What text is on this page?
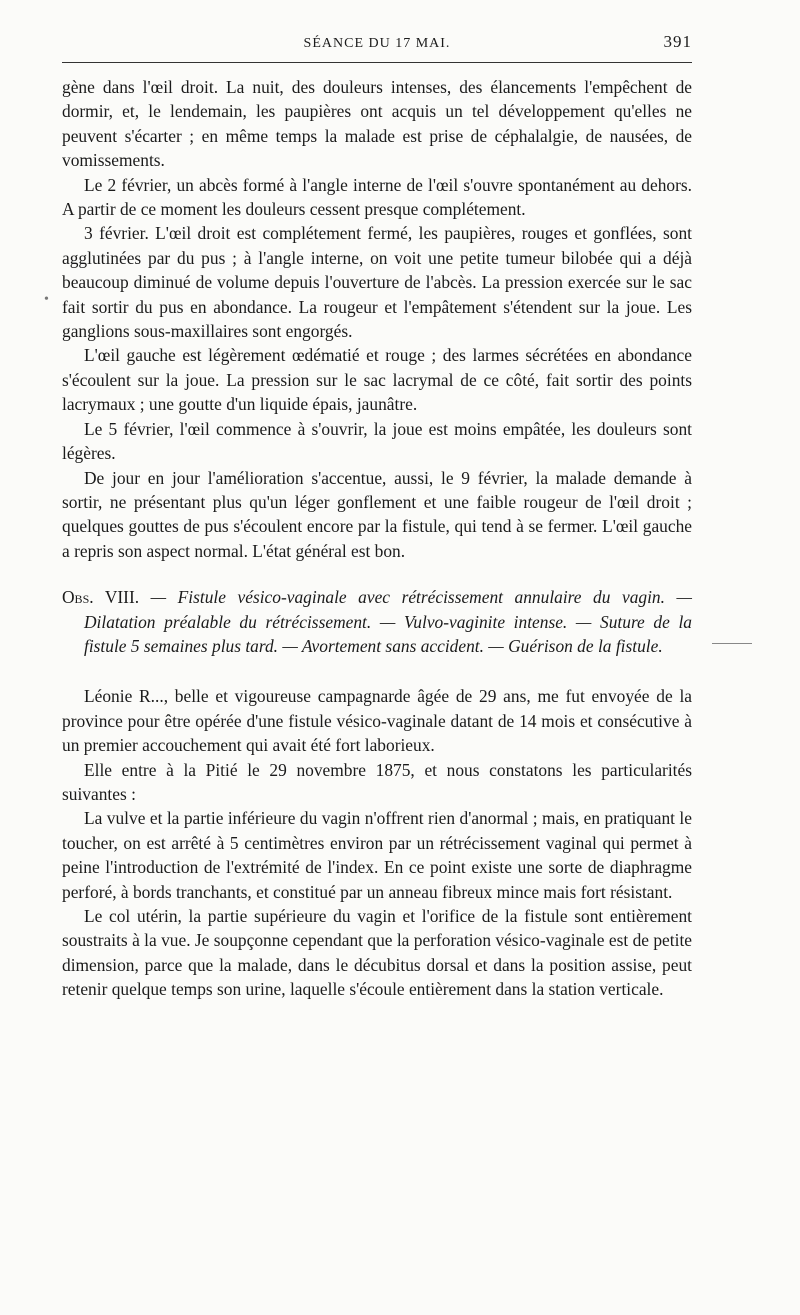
•
SÉANCE DU 17 MAI.	391

gène dans l'œil droit. La nuit, des douleurs intenses, des élancements l'empêchent de dormir, et, le lendemain, les paupières ont acquis un tel développement qu'elles ne peuvent s'écarter ; en même temps la malade est prise de céphalalgie, de nausées, de vomissements.

Le 2 février, un abcès formé à l'angle interne de l'œil s'ouvre spontanément au dehors. A partir de ce moment les douleurs cessent presque complétement.

3 février. L'œil droit est complétement fermé, les paupières, rouges et gonflées, sont agglutinées par du pus ; à l'angle interne, on voit une petite tumeur bilobée qui a déjà beaucoup diminué de volume depuis l'ouverture de l'abcès. La pression exercée sur le sac fait sortir du pus en abondance. La rougeur et l'empâtement s'étendent sur la joue. Les ganglions sous-maxillaires sont engorgés.

L'œil gauche est légèrement œdématié et rouge ; des larmes sécrétées en abondance s'écoulent sur la joue. La pression sur le sac lacrymal de ce côté, fait sortir des points lacrymaux ; une goutte d'un liquide épais, jaunâtre.

Le 5 février, l'œil commence à s'ouvrir, la joue est moins empâtée, les douleurs sont légères.

De jour en jour l'amélioration s'accentue, aussi, le 9 février, la malade demande à sortir, ne présentant plus qu'un léger gonflement et une faible rougeur de l'œil droit ; quelques gouttes de pus s'écoulent encore par la fistule, qui tend à se fermer. L'œil gauche a repris son aspect normal. L'état général est bon.

Obs. VIII. — Fistule vésico-vaginale avec rétrécissement annulaire du vagin. — Dilatation préalable du rétrécissement. — Vulvo-vaginite intense. — Suture de la fistule 5 semaines plus tard. — Avortement sans accident. — Guérison de la fistule.

Léonie R..., belle et vigoureuse campagnarde âgée de 29 ans, me fut envoyée de la province pour être opérée d'une fistule vésico-vaginale datant de 14 mois et consécutive à un premier accouchement qui avait été fort laborieux.

Elle entre à la Pitié le 29 novembre 1875, et nous constatons les particularités suivantes :

La vulve et la partie inférieure du vagin n'offrent rien d'anormal ; mais, en pratiquant le toucher, on est arrêté à 5 centimètres environ par un rétrécissement vaginal qui permet à peine l'introduction de l'extrémité de l'index. En ce point existe une sorte de diaphragme perforé, à bords tranchants, et constitué par un anneau fibreux mince mais fort résistant.

Le col utérin, la partie supérieure du vagin et l'orifice de la fistule sont entièrement soustraits à la vue. Je soupçonne cependant que la perforation vésico-vaginale est de petite dimension, parce que la malade, dans le décubitus dorsal et dans la position assise, peut retenir quelque temps son urine, laquelle s'écoule entièrement dans la station verticale.
